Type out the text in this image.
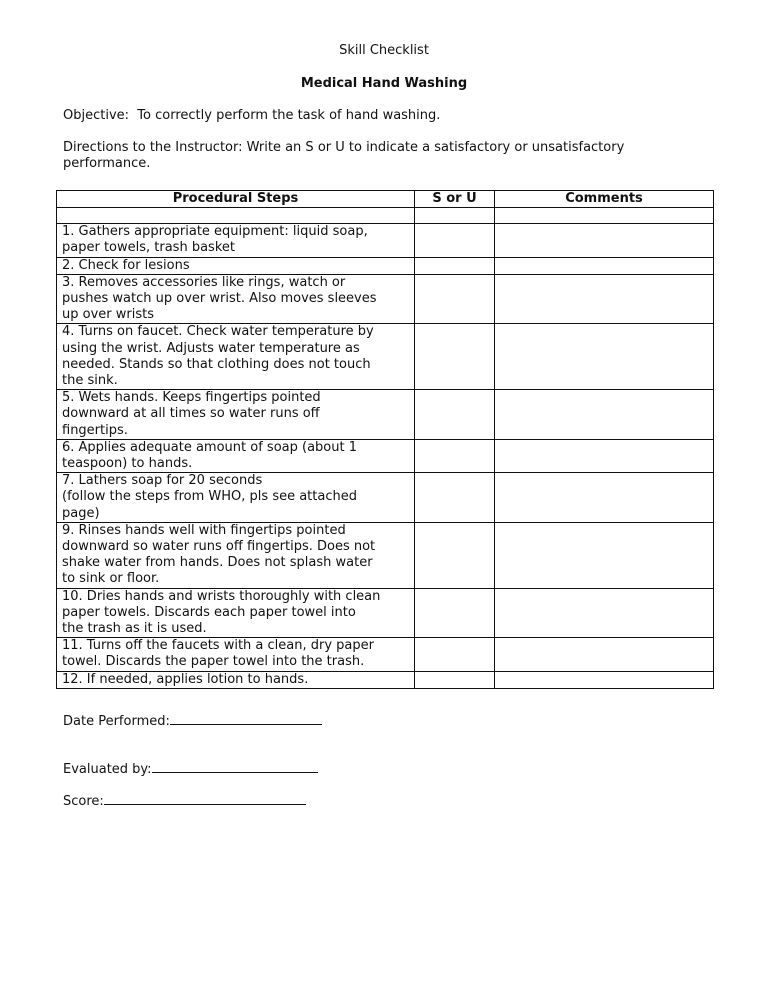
Skill Checklist
Medical Hand Washing
Objective: To correctly perform the task of hand washing.
Directions to the Instructor: Write an S or U to indicate a satisfactory or unsatisfactory performance.
Procedural Steps	S or U	Comments

1. Gathers appropriate equipment: liquid soap,
paper towels, trash basket		

2. Check for lesions		

3. Removes accessories like rings, watch or
pushes watch up over wrist. Also moves sleeves
up over wrists		

4. Turns on faucet. Check water temperature by
using the wrist. Adjusts water temperature as
needed. Stands so that clothing does not touch
the sink.		

5. Wets hands. Keeps fingertips pointed
downward at all times so water runs off
fingertips.		

6. Applies adequate amount of soap (about 1
teaspoon) to hands.		

7. Lathers soap for 20 seconds
(follow the steps from WHO, pls see attached
page)		

9. Rinses hands well with fingertips pointed
downward so water runs off fingertips. Does not
shake water from hands. Does not splash water
to sink or floor.		

10. Dries hands and wrists thoroughly with clean
paper towels. Discards each paper towel into
the trash as it is used.		

11. Turns off the faucets with a clean, dry paper
towel. Discards the paper towel into the trash.		

12. If needed, applies lotion to hands.		

Date Performed:
Evaluated by:
Score:
